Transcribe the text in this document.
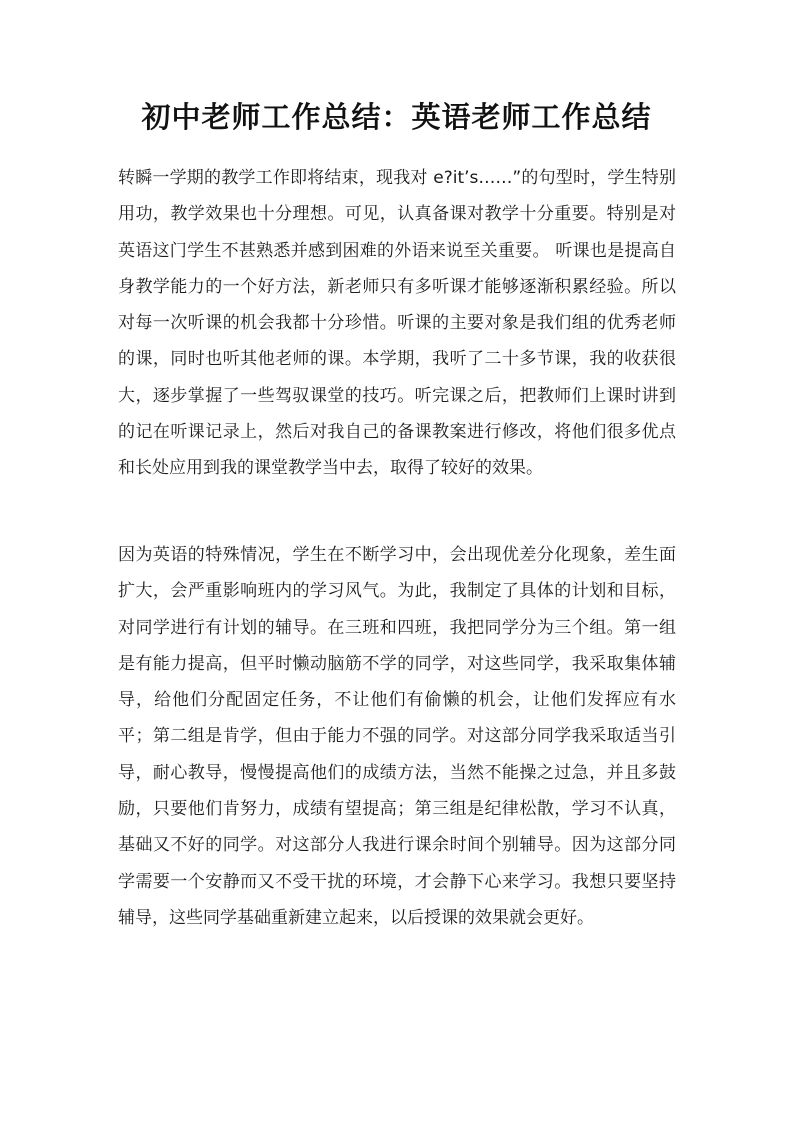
初中老师工作总结：英语老师工作总结

转瞬一学期的教学工作即将结束，现我对 e?it’s……”的句型时，学生特别用功，教学效果也十分理想。可见，认真备课对教学十分重要。特别是对英语这门学生不甚熟悉并感到困难的外语来说至关重要。 听课也是提高自身教学能力的一个好方法，新老师只有多听课才能够逐渐积累经验。所以对每一次听课的机会我都十分珍惜。听课的主要对象是我们组的优秀老师的课，同时也听其他老师的课。本学期，我听了二十多节课，我的收获很大，逐步掌握了一些驾驭课堂的技巧。听完课之后，把教师们上课时讲到的记在听课记录上，然后对我自己的备课教案进行修改，将他们很多优点和长处应用到我的课堂教学当中去，取得了较好的效果。

因为英语的特殊情况，学生在不断学习中，会出现优差分化现象，差生面扩大，会严重影响班内的学习风气。为此，我制定了具体的计划和目标，对同学进行有计划的辅导。在三班和四班，我把同学分为三个组。第一组是有能力提高，但平时懒动脑筋不学的同学，对这些同学，我采取集体辅导，给他们分配固定任务，不让他们有偷懒的机会，让他们发挥应有水平；第二组是肯学，但由于能力不强的同学。对这部分同学我采取适当引导，耐心教导，慢慢提高他们的成绩方法，当然不能操之过急，并且多鼓励，只要他们肯努力，成绩有望提高；第三组是纪律松散，学习不认真，基础又不好的同学。对这部分人我进行课余时间个别辅导。因为这部分同学需要一个安静而又不受干扰的环境，才会静下心来学习。我想只要坚持辅导，这些同学基础重新建立起来，以后授课的效果就会更好。
